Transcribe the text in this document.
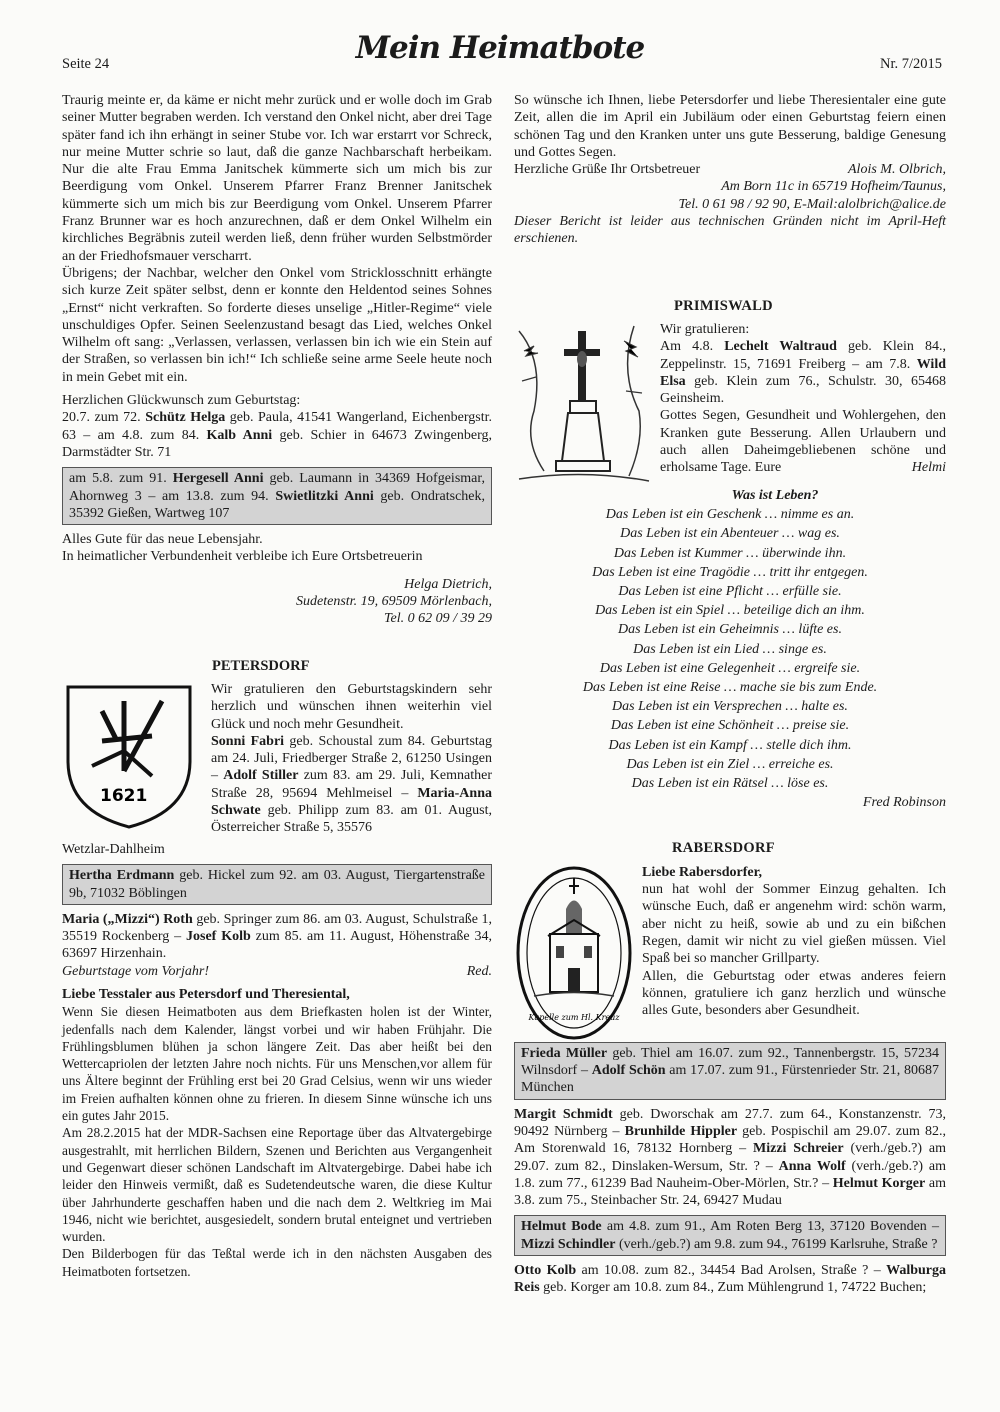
Seite 24	Mein Heimatbote	Nr. 7/2015

Traurig meinte er, da käme er nicht mehr zurück und er wolle doch im Grab seiner Mutter begraben werden. Ich verstand den Onkel nicht, aber drei Tage später fand ich ihn erhängt in seiner Stube vor. Ich war erstarrt vor Schreck, nur meine Mutter schrie so laut, daß die ganze Nachbarschaft herbeikam. Nur die alte Frau Emma Janitschek kümmerte sich um mich bis zur Beerdigung vom Onkel. Unserem Pfarrer Franz Brenner Janitschek kümmerte sich um mich bis zur Beerdigung vom Onkel. Unserem Pfarrer Franz Brunner war es hoch anzurechnen, daß er dem Onkel Wilhelm ein kirchliches Begräbnis zuteil werden ließ, denn früher wurden Selbstmörder an der Friedhofsmauer verscharrt.

Übrigens; der Nachbar, welcher den Onkel vom Stricklosschnitt erhängte sich kurze Zeit später selbst, denn er konnte den Heldentod seines Sohnes „Ernst“ nicht verkraften. So forderte dieses unselige „Hitler-Regime“ viele unschuldiges Opfer. Seinen Seelenzustand besagt das Lied, welches Onkel Wilhelm oft sang: „Verlassen, verlassen, verlassen bin ich wie ein Stein auf der Straßen, so verlassen bin ich!“ Ich schließe seine arme Seele heute noch in mein Gebet mit ein.

Herzlichen Glückwunsch zum Geburtstag:

20.7. zum 72. Schütz Helga geb. Paula, 41541 Wangerland, Eichenbergstr. 63 – am 4.8. zum 84. Kalb Anni geb. Schier in 64673 Zwingenberg, Darmstädter Str. 71

am 5.8. zum 91. Hergesell Anni geb. Laumann in 34369 Hofgeismar, Ahornweg 3 – am 13.8. zum 94. Swietlitzki Anni geb. Ondratschek, 35392 Gießen, Wartweg 107

Alles Gute für das neue Lebensjahr.

In heimatlicher Verbundenheit verbleibe ich Eure Ortsbetreuerin

Helga Dietrich,

Sudetenstr. 19, 69509 Mörlenbach,

Tel. 0 62 09 / 39 29

PETERSDORF
1621

Wir gratulieren den Geburtstagskindern sehr herzlich und wünschen ihnen weiterhin viel Glück und noch mehr Gesundheit.

Sonni Fabri geb. Schoustal zum 84. Geburtstag am 24. Juli, Friedberger Straße 2, 61250 Usingen – Adolf Stiller zum 83. am 29. Juli, Kemnather Straße 28, 95694 Mehlmeisel – Maria-Anna Schwate geb. Philipp zum 83. am 01. August, Österreicher Straße 5, 35576

Wetzlar-Dahlheim

Hertha Erdmann geb. Hickel zum 92. am 03. August, Tiergartenstraße 9b, 71032 Böblingen

Maria („Mizzi“) Roth geb. Springer zum 86. am 03. August, Schulstraße 1, 35519 Rockenberg – Josef Kolb zum 85. am 11. August, Höhenstraße 34, 63697 Hirzenhain.

Geburtstage vom Vorjahr!	Red.

Liebe Tesstaler aus Petersdorf und Theresiental,

Wenn Sie diesen Heimatboten aus dem Briefkasten holen ist der Winter, jedenfalls nach dem Kalender, längst vorbei und wir haben Frühjahr. Die Frühlingsblumen blühen ja schon längere Zeit. Das aber heißt bei den Wettercapriolen der letzten Jahre noch nichts. Für uns Menschen,vor allem für uns Ältere beginnt der Frühling erst bei 20 Grad Celsius, wenn wir uns wieder im Freien aufhalten können ohne zu frieren. In diesem Sinne wünsche ich uns ein gutes Jahr 2015.

Am 28.2.2015 hat der MDR-Sachsen eine Reportage über das Altvatergebirge ausgestrahlt, mit herrlichen Bildern, Szenen und Berichten aus Vergangenheit und Gegenwart dieser schönen Landschaft im Altvatergebirge. Dabei habe ich leider den Hinweis vermißt, daß es Sudetendeutsche waren, die diese Kultur über Jahrhunderte geschaffen haben und die nach dem 2. Weltkrieg im Mai 1946, nicht wie berichtet, ausgesiedelt, sondern brutal enteignet und vertrieben wurden.

Den Bilderbogen für das Teßtal werde ich in den nächsten Ausgaben des Heimatboten fortsetzen.

So wünsche ich Ihnen, liebe Petersdorfer und liebe Theresientaler eine gute Zeit, allen die im April ein Jubiläum oder einen Geburtstag feiern einen schönen Tag und den Kranken unter uns gute Besserung, baldige Genesung und Gottes Segen.

Herzliche Grüße Ihr Ortsbetreuer	Alois M. Olbrich,

Am Born 11c in 65719 Hofheim/Taunus,

Tel. 0 61 98 / 92 90, E-Mail:alolbrich@alice.de

Dieser Bericht ist leider aus technischen Gründen nicht im April-Heft erschienen.

PRIMISWALD

Wir gratulieren:

Am 4.8. Lechelt Waltraud geb. Klein 84., Zeppelinstr. 15, 71691 Freiberg – am 7.8. Wild Elsa geb. Klein zum 76., Schulstr. 30, 65468 Geinsheim.

Gottes Segen, Gesundheit und Wohlergehen, den Kranken gute Besserung. Allen Urlaubern und auch allen Daheimgebliebenen schöne und erholsame Tage. Eure	Helmi

Was ist Leben?
Das Leben ist ein Geschenk … nimme es an.
Das Leben ist ein Abenteuer … wag es.
Das Leben ist Kummer … überwinde ihn.
Das Leben ist eine Tragödie … tritt ihr entgegen.
Das Leben ist eine Pflicht … erfülle sie.
Das Leben ist ein Spiel … beteilige dich an ihm.
Das Leben ist ein Geheimnis … lüfte es.
Das Leben ist ein Lied … singe es.
Das Leben ist eine Gelegenheit … ergreife sie.
Das Leben ist eine Reise … mache sie bis zum Ende.
Das Leben ist ein Versprechen … halte es.
Das Leben ist eine Schönheit … preise sie.
Das Leben ist ein Kampf … stelle dich ihm.
Das Leben ist ein Ziel … erreiche es.
Das Leben ist ein Rätsel … löse es.
Fred Robinson
RABERSDORF
Kapelle zum Hl. Kreuz

Liebe Rabersdorfer,

nun hat wohl der Sommer Einzug gehalten. Ich wünsche Euch, daß er angenehm wird: schön warm, aber nicht zu heiß, sowie ab und zu ein bißchen Regen, damit wir nicht zu viel gießen müssen. Viel Spaß bei so mancher Grillparty.

Allen, die Geburtstag oder etwas anderes feiern können, gratuliere ich ganz herzlich und wünsche alles Gute, besonders aber Gesundheit.

Frieda Müller geb. Thiel am 16.07. zum 92., Tannenbergstr. 15, 57234 Wilnsdorf – Adolf Schön am 17.07. zum 91., Fürstenrieder Str. 21, 80687 München

Margit Schmidt geb. Dworschak am 27.7. zum 64., Konstanzenstr. 73, 90492 Nürnberg – Brunhilde Hippler geb. Pospischil am 29.07. zum 82., Am Storenwald 16, 78132 Hornberg – Mizzi Schreier (verh./geb.?) am 29.07. zum 82., Dinslaken-Wersum, Str. ? – Anna Wolf (verh./geb.?) am 1.8. zum 77., 61239 Bad Nauheim-Ober-Mörlen, Str.? – Helmut Korger am 3.8. zum 75., Steinbacher Str. 24, 69427 Mudau

Helmut Bode am 4.8. zum 91., Am Roten Berg 13, 37120 Bovenden – Mizzi Schindler (verh./geb.?) am 9.8. zum 94., 76199 Karlsruhe, Straße ?

Otto Kolb am 10.08. zum 82., 34454 Bad Arolsen, Straße ? – Walburga Reis geb. Korger am 10.8. zum 84., Zum Mühlengrund 1, 74722 Buchen;
